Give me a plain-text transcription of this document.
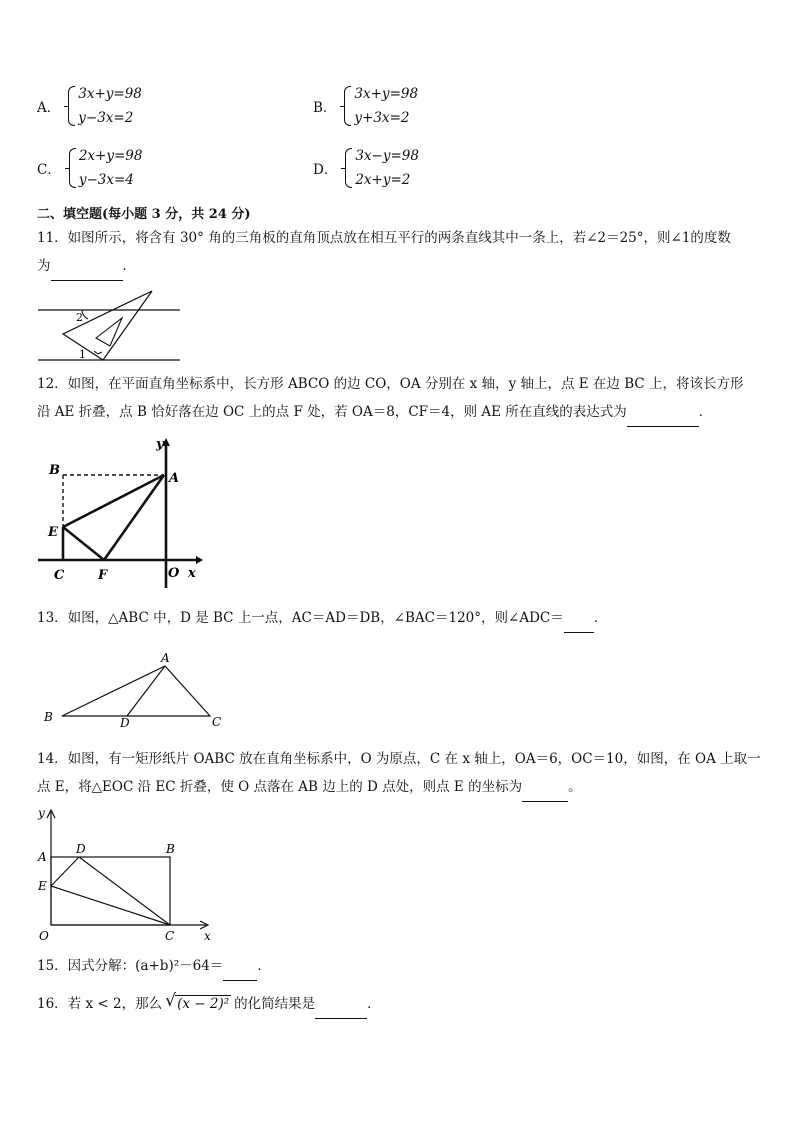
A．
3x+y=98
y−3x=2
B．
3x+y=98
y+3x=2
C．
2x+y=98
y−3x=4
D．
3x−y=98
2x+y=2
二、填空题(每小题 3 分，共 24 分)
11．如图所示，将含有 30° 角的三角板的直角顶点放在相互平行的两条直线其中一条上，若∠2＝25°，则∠1的度数
为	．
2
1
12．如图，在平面直角坐标系中，长方形 ABCO 的边 CO，OA 分别在 x 轴，y 轴上，点 E 在边 BC 上，将该长方形
沿 AE 折叠，点 B 恰好落在边 OC 上的点 F 处，若 OA＝8，CF＝4，则 AE 所在直线的表达式为	．
B
A
E
C	F	O x
y
13．如图，△ABC 中，D 是 BC 上一点，AC＝AD＝DB，∠BAC＝120°，则∠ADC＝ ．
A
B	C
D
14．如图，有一矩形纸片 OABC 放在直角坐标系中，O 为原点，C 在 x 轴上，OA＝6，OC＝10，如图，在 OA 上取一
点 E，将△EOC 沿 EC 折叠，使 O 点落在 AB 边上的 D 点处，则点 E 的坐标为	。
y
A
D	B
E
O	C x
15．因式分解：(a+b)²－64＝	．
16．若 x < 2，那么 √ (x − 2)² 的化简结果是	．
